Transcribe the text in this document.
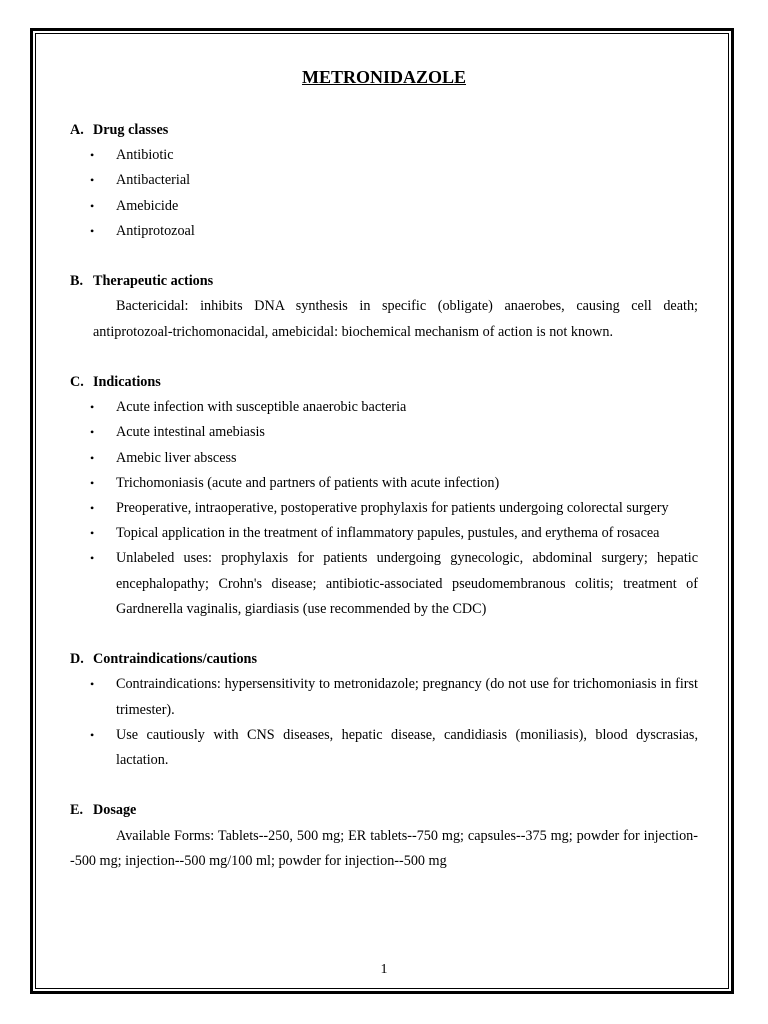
METRONIDAZOLE
A. Drug classes
• Antibiotic
• Antibacterial
• Amebicide
• Antiprotozoal
B. Therapeutic actions

Bactericidal: inhibits DNA synthesis in specific (obligate) anaerobes, causing cell death; antiprotozoal-trichomonacidal, amebicidal: biochemical mechanism of action is not known.

C. Indications
• Acute infection with susceptible anaerobic bacteria
• Acute intestinal amebiasis
• Amebic liver abscess
• Trichomoniasis (acute and partners of patients with acute infection)
• Preoperative, intraoperative, postoperative prophylaxis for patients undergoing colorectal surgery
• Topical application in the treatment of inflammatory papules, pustules, and erythema of rosacea
• Unlabeled uses: prophylaxis for patients undergoing gynecologic, abdominal surgery; hepatic encephalopathy; Crohn's disease; antibiotic-associated pseudomembranous colitis; treatment of Gardnerella vaginalis, giardiasis (use recommended by the CDC)
D. Contraindications/cautions
• Contraindications: hypersensitivity to metronidazole; pregnancy (do not use for trichomoniasis in first trimester).
• Use cautiously with CNS diseases, hepatic disease, candidiasis (moniliasis), blood dyscrasias, lactation.
E. Dosage

Available Forms: Tablets--250, 500 mg; ER tablets--750 mg; capsules--375 mg; powder for injection--500 mg; injection--500 mg/100 ml; powder for injection--500 mg

1
